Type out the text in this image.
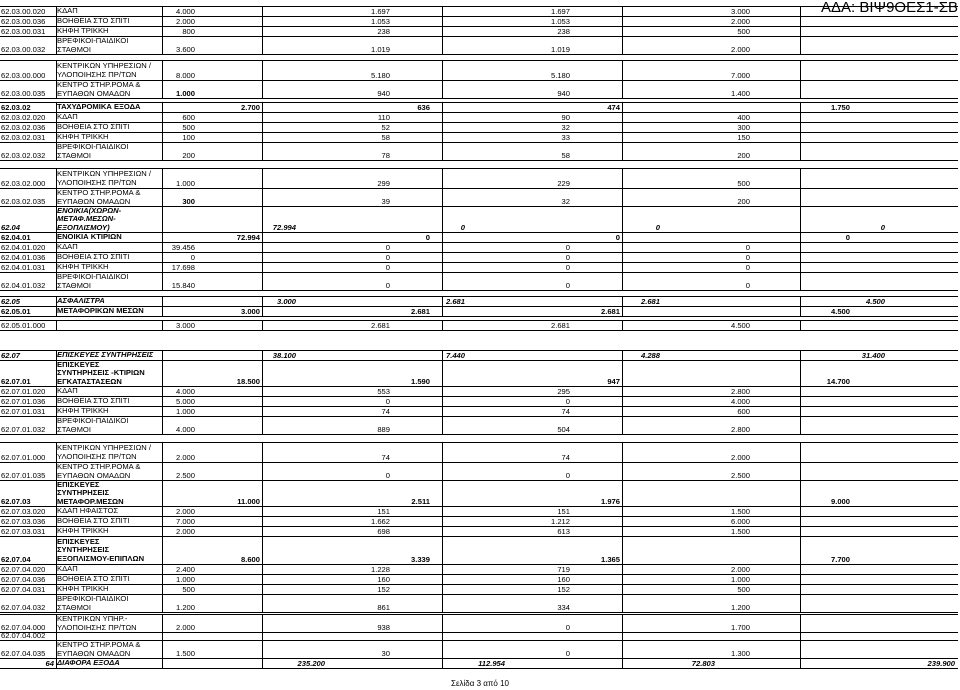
62.03.00.020 ΚΔΑΠ	4.000	1.697	1.697	3.000
62.03.00.036 ΒΟΗΘΕΙΑ ΣΤΟ ΣΠΙΤΙ	2.000	1.053	1.053	2.000
62.03.00.031 ΚΗΦΗ ΤΡΙΚΚΗ	800	238	238	500
62.03.00.032
ΒΡΕΦΙΚΟΙ-ΠΑΙΔΙΚΟΙ
ΣΤΑΘΜΟΙ	3.600	1.019	1.019	2.000
62.03.00.000
ΚΕΝΤΡΙΚΩΝ ΥΠΗΡΕΣΙΩΝ /
ΥΛΟΠΟΙΗΣΗΣ ΠΡ/ΤΩΝ	8.000	5.180	5.180	7.000
62.03.00.035
ΚΕΝΤΡΟ ΣΤΗΡ.ΡΟΜΑ &
ΕΥΠΑΘΩΝ ΟΜΑΔΩΝ	1.000	940	940	1.400
62.03.02	ΤΑΧΥΔΡΟΜΙΚΑ ΕΞΟΔΑ	2.700	636	474	1.750
62.03.02.020 ΚΔΑΠ	600	110	90	400
62.03.02.036 ΒΟΗΘΕΙΑ ΣΤΟ ΣΠΙΤΙ	500	52	32	300
62.03.02.031 ΚΗΦΗ ΤΡΙΚΚΗ	100	58	33	150
62.03.02.032
ΒΡΕΦΙΚΟΙ-ΠΑΙΔΙΚΟΙ
ΣΤΑΘΜΟΙ	200	78	58	200
62.03.02.000
ΚΕΝΤΡΙΚΩΝ ΥΠΗΡΕΣΙΩΝ /
ΥΛΟΠΟΙΗΣΗΣ ΠΡ/ΤΩΝ	1.000	299	229	500
62.03.02.035
ΚΕΝΤΡΟ ΣΤΗΡ.ΡΟΜΑ &
ΕΥΠΑΘΩΝ ΟΜΑΔΩΝ	300	39	32	200
62.04
ΕΝΟΙΚΙΑ(ΧΩΡΩΝ-
ΜΕΤΑΦ.ΜΕΣΩΝ-
ΕΞΟΠΛΙΣΜΟΥ)	72.994	0	0	0
62.04.01	ΕΝΟΙΚΙΑ ΚΤΙΡΙΩΝ	72.994	0	0	0
62.04.01.020 ΚΔΑΠ	39.456	0	0	0
62.04.01.036 ΒΟΗΘΕΙΑ ΣΤΟ ΣΠΙΤΙ	0	0	0	0
62.04.01.031 ΚΗΦΗ ΤΡΙΚΚΗ	17.698	0	0	0
62.04.01.032
ΒΡΕΦΙΚΟΙ-ΠΑΙΔΙΚΟΙ
ΣΤΑΘΜΟΙ	15.840	0	0	0
62.05	ΑΣΦΑΛΙΣΤΡΑ	3.000	2.681	2.681	4.500
62.05.01	ΜΕΤΑΦΟΡΙΚΩΝ ΜΕΣΩΝ	3.000	2.681	2.681	4.500
62.05.01.000	3.000	2.681	2.681	4.500
62.07	ΕΠΙΣΚΕΥΕΣ ΣΥΝΤΗΡΗΣΕΙΣ	38.100	7.440	4.288	31.400
62.07.01
ΕΠΙΣΚΕΥΕΣ
ΣΥΝΤΗΡΗΣΕΙΣ -ΚΤΙΡΙΩΝ
ΕΓΚΑΤΑΣΤΑΣΕΩΝ	18.500	1.590	947	14.700
62.07.01.020 ΚΔΑΠ	4.000	553	295	2.800
62.07.01.036 ΒΟΗΘΕΙΑ ΣΤΟ ΣΠΙΤΙ	5.000	0	0	4.000
62.07.01.031 ΚΗΦΗ ΤΡΙΚΚΗ	1.000	74	74	600
62.07.01.032
ΒΡΕΦΙΚΟΙ-ΠΑΙΔΙΚΟΙ
ΣΤΑΘΜΟΙ	4.000	889	504	2.800
62.07.01.000
ΚΕΝΤΡΙΚΩΝ ΥΠΗΡΕΣΙΩΝ /
ΥΛΟΠΟΙΗΣΗΣ ΠΡ/ΤΩΝ	2.000	74	74	2.000
62.07.01.035
ΚΕΝΤΡΟ ΣΤΗΡ.ΡΟΜΑ &
ΕΥΠΑΘΩΝ ΟΜΑΔΩΝ	2.500	0	0	2.500
62.07.03
ΕΠΙΣΚΕΥΕΣ
ΣΥΝΤΗΡΗΣΕΙΣ
ΜΕΤΑΦΟΡ.ΜΕΣΩΝ	11.000	2.511	1.976	9.000
62.07.03.020 ΚΔΑΠ ΗΦΑΙΣΤΟΣ	2.000	151	151	1.500
62.07.03.036 ΒΟΗΘΕΙΑ ΣΤΟ ΣΠΙΤΙ	7.000	1.662	1.212	6.000
62.07.03.031 ΚΗΦΗ ΤΡΙΚΚΗ	2.000	698	613	1.500
62.07.04
ΕΠΙΣΚΕΥΕΣ
ΣΥΝΤΗΡΗΣΕΙΣ
ΕΞΟΠΛΙΣΜΟΥ-ΕΠΙΠΛΩΝ	8.600	3.339	1.365	7.700
62.07.04.020 ΚΔΑΠ	2.400	1.228	719	2.000
62.07.04.036 ΒΟΗΘΕΙΑ ΣΤΟ ΣΠΙΤΙ	1.000	160	160	1.000
62.07.04.031 ΚΗΦΗ ΤΡΙΚΚΗ	500	152	152	500
62.07.04.032
ΒΡΕΦΙΚΟΙ-ΠΑΙΔΙΚΟΙ
ΣΤΑΘΜΟΙ	1.200	861	334	1.200
62.07.04.000
ΚΕΝΤΡΙΚΩΝ ΥΠΗΡ.-
ΥΛΟΠΟΙΗΣΗΣ ΠΡ/ΤΩΝ	2.000	938	0	1.700
62.07.04.002
62.07.04.035
ΚΕΝΤΡΟ ΣΤΗΡ.ΡΟΜΑ &
ΕΥΠΑΘΩΝ ΟΜΑΔΩΝ	1.500	30	0	1.300
64 ΔΙΑΦΟΡΑ ΕΞΟΔΑ	235.200	112.954	72.803	239.900
ΑΔΑ: ΒΙΨ9ΟΕΣ1-ΣΒ
Σελίδα 3 από 10
